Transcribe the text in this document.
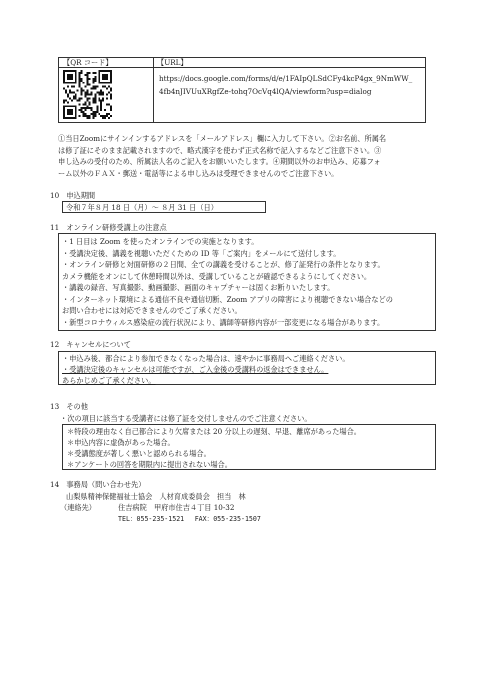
【QR コード】	【URL】
https://docs.google.com/forms/d/e/1FAIpQLSdCFy4kcP4gx_9NmWW_
4fb4nJIVUuXRgfZe-tohq7OcVq4lQA/viewform?usp=dialog
①当日Zoomにサインインするアドレスを「メールアドレス」欄に入力して下さい。②お名前、所属名
は修了証にそのまま記載されますので、略式漢字を使わず正式名称で記入するなどご注意下さい。③
申し込みの受付のため、所属法人名のご記入をお願いいたします。④期間以外のお申込み、応募フォ
ーム以外のＦＡＸ・郵送・電話等による申し込みは受理できませんのでご注意下さい。
10　申込期間
令和７年８月 18 日（月）～ ８月 31 日（日）
11　オンライン研修受講上の注意点
・1 日目は Zoom を使ったオンラインでの実施となります。
・受講決定後、講義を視聴いただくための ID 等「ご案内」をメールにて送付します。
・オンライン研修と対面研修の２日間、全ての講義を受けることが、修了証発行の条件となります。
カメラ機能をオンにして休憩時間以外は、受講していることが確認できるようにしてください。
・講義の録音、写真撮影、動画撮影、画面のキャプチャーは固くお断りいたします。
・インターネット環境による通信不良や通信切断、Zoom アプリの障害により視聴できない場合などの
お問い合わせには対応できませんのでご了承ください。
・新型コロナウィルス感染症の流行状況により、講師等研修内容が一部変更になる場合があります。
12　キャンセルについて
・申込み後、都合により参加できなくなった場合は、速やかに事務局へご連絡ください。
・受講決定後のキャンセルは可能ですが、ご入金後の受講料の返金はできません。
あらかじめご了承ください。
13　その他
・次の項目に該当する受講者には修了証を交付しませんのでご注意ください。
＊特段の理由なく自己都合により欠席または 20 分以上の遅刻、早退、離席があった場合。
＊申込内容に虚偽があった場合。
＊受講態度が著しく悪いと認められる場合。
＊アンケートの回答を期限内に提出されない場合。
14　事務局（問い合わせ先）
山梨県精神保健福祉士協会　人材育成委員会　担当　林
（連絡先）	住吉病院　甲府市住吉４丁目 10-32
TEL：055-235-1521　 FAX：055-235-1507
